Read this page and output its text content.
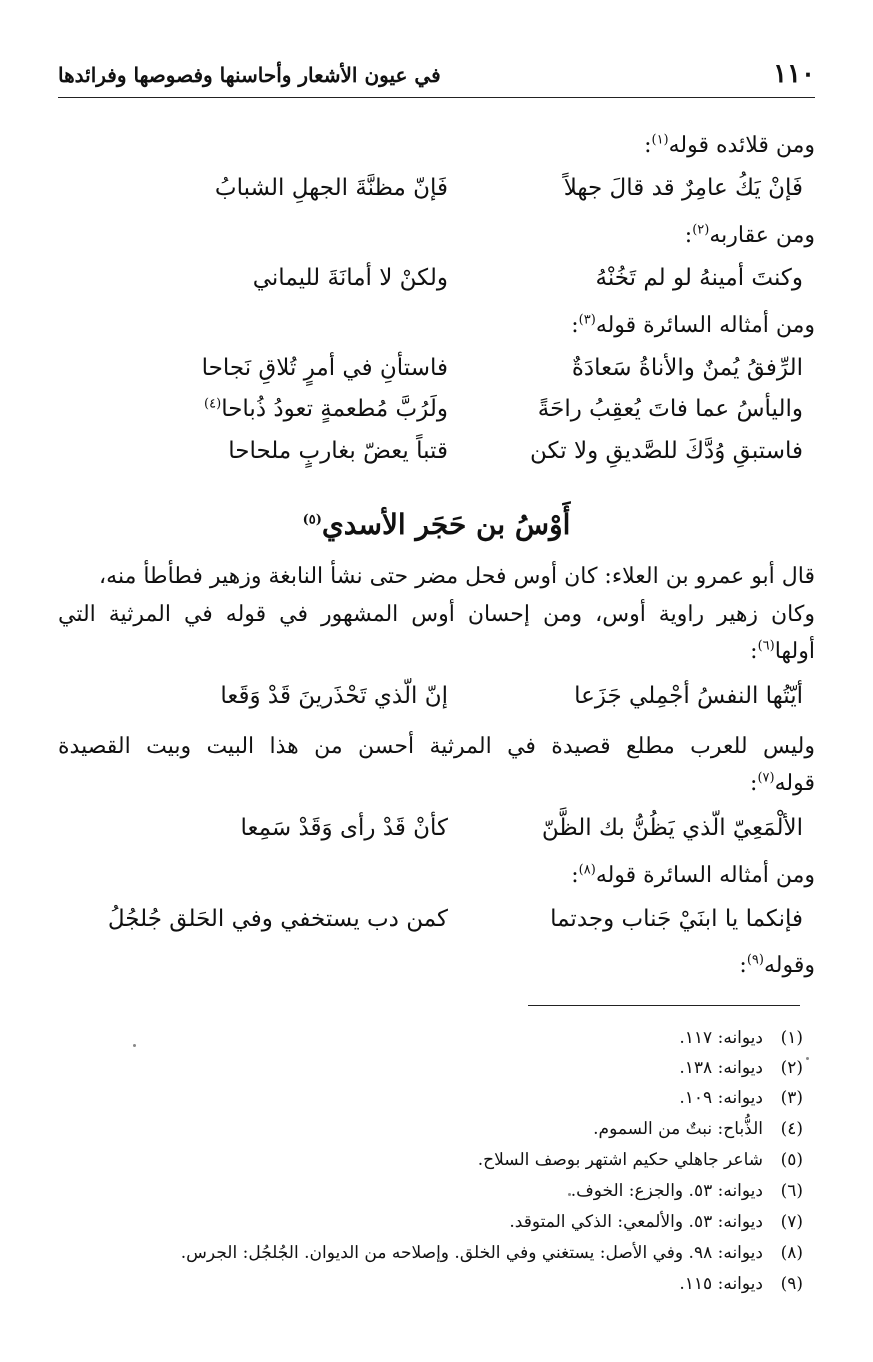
١١٠
في عيون الأشعار وأحاسنها وفصوصها وفرائدها
ومن قلائده قوله$^{(١)}$:
فَإنْ يَكُ عامِرٌ قد قالَ جهلاً
فَإنّ مظنَّةَ الجهلِ الشبابُ
ومن عقاربه$^{(٢)}$:
وكنتَ أمينهُ لو لم تَخُنْهُ
ولكنْ لا أمانَةَ لليماني
ومن أمثاله السائرة قوله$^{(٣)}$:
الرِّفقُ يُمنٌ والأناةُ سَعادَةٌ
فاستأنِ في أمرٍ تُلاقِ نَجاحا
واليأسُ عما فاتَ يُعقِبُ راحَةً
ولَرُبَّ مُطعمةٍ تعودُ ذُباحا$^{(٤)}$
فاستبقِ وُدَّكَ للصَّديقِ ولا تكن
قتباً يعضّ بغاربٍ ملحاحا
أَوْسُ بن حَجَر الأسدي$^{(٥)}$
قال أبو عمرو بن العلاء: كان أوس فحل مضر حتى نشأ النابغة وزهير فطأطأ منه،
وكان زهير راوية أوس، ومن إحسان أوس المشهور في قوله في المرثية التي
أولها$^{(٦)}$:
أيّتُها النفسُ أجْمِلي جَزَعا
إنّ الّذي تَحْذَرينَ قَدْ وَقَعا
وليس للعرب مطلع قصيدة في المرثية أحسن من هذا البيت وبيت القصيدة
قوله$^{(٧)}$:
الألْمَعِيّ الّذي يَظُنُّ بك الظَّنّ
كأنْ قَدْ رأى وَقَدْ سَمِعا
ومن أمثاله السائرة قوله$^{(٨)}$:
فإنكما يا ابنَيْ جَناب وجدتما
كمن دب يستخفي وفي الحَلق جُلجُلُ
وقوله$^{(٩)}$:
(١)ديوانه: ١١٧.
(٢)ديوانه: ١٣٨.
(٣)ديوانه: ١٠٩.
(٤)الذُّباح: نبتٌ من السموم.
(٥)شاعر جاهلي حكيم اشتهر بوصف السلاح.
(٦)ديوانه: ٥٣. والجزع: الخوف.
(٧)ديوانه: ٥٣. والألمعي: الذكي المتوقد.
(٨)ديوانه: ٩٨. وفي الأصل: يستغني وفي الخلق. وإصلاحه من الديوان. الجُلجُل: الجرس.
(٩)ديوانه: ١١٥.
